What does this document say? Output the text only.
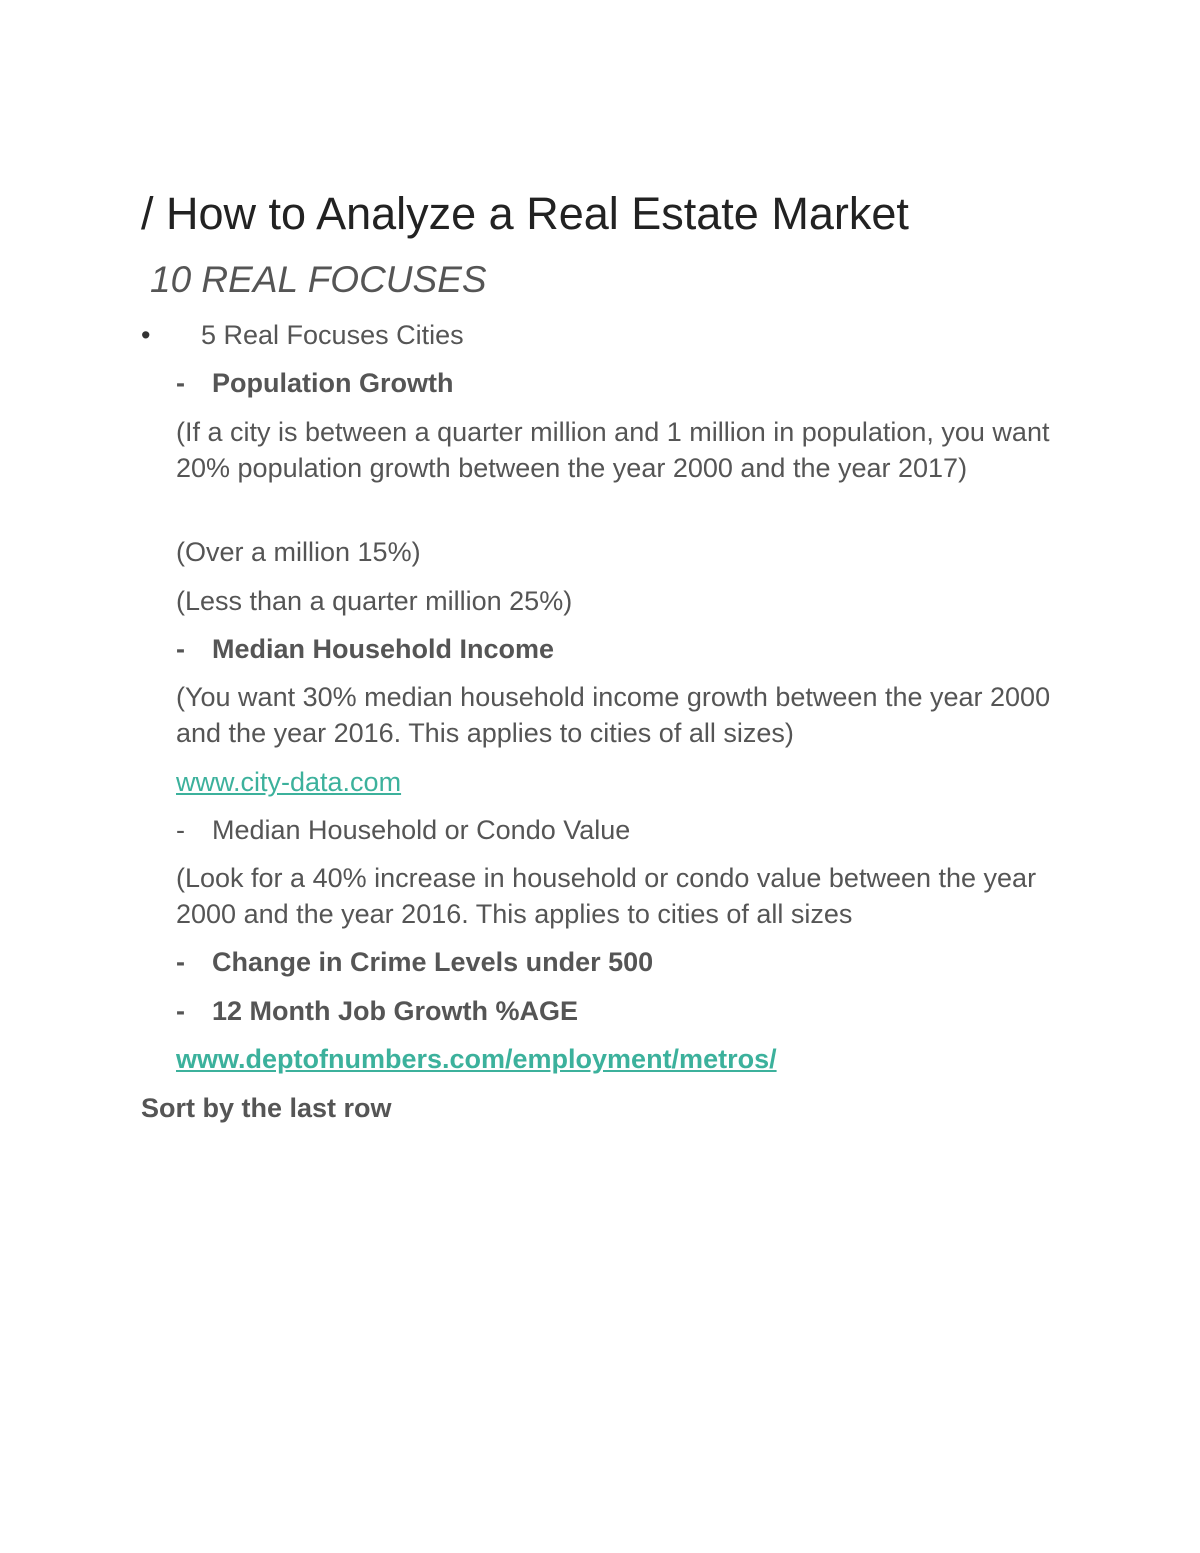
/ How to Analyze a Real Estate Market
10 REAL FOCUSES
• 5 Real Focuses Cities
- Population Growth
(If a city is between a quarter million and 1 million in population, you want 20% population growth between the year 2000 and the year 2017)
(Over a million 15%)
(Less than a quarter million 25%)
- Median Household Income
(You want 30% median household income growth between the year 2000 and the year 2016. This applies to cities of all sizes)
www.city-data.com
- Median Household or Condo Value
(Look for a 40% increase in household or condo value between the year 2000 and the year 2016. This applies to cities of all sizes
- Change in Crime Levels under 500
- 12 Month Job Growth %AGE
www.deptofnumbers.com/employment/metros/
Sort by the last row
